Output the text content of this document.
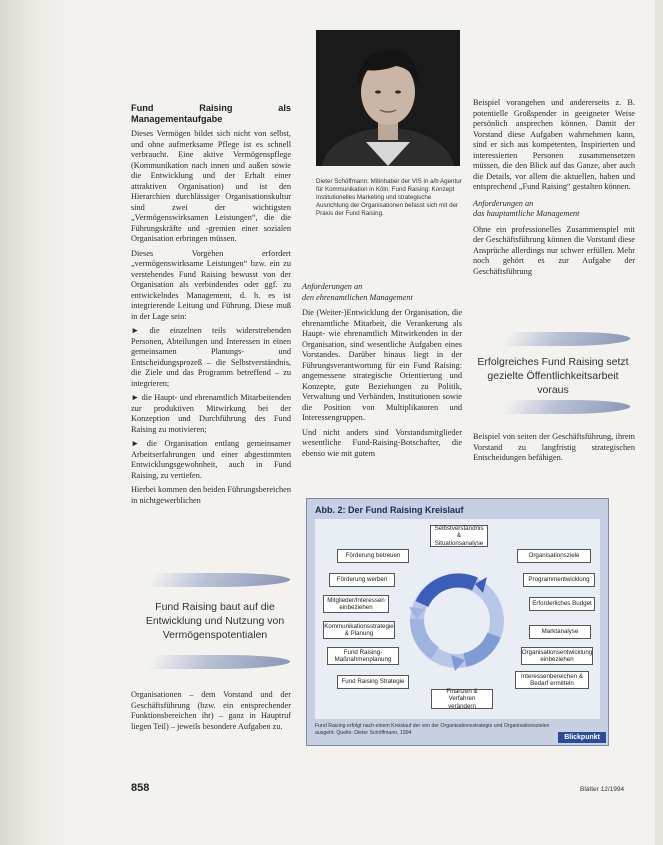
Fund Raising als Managementaufgabe

Dieses Vermögen bildet sich nicht von selbst, und ohne aufmerksame Pflege ist es schnell verbraucht. Eine aktive Vermögenspflege (Kommunikation nach innen und außen sowie die Entwicklung und der Erhalt einer attraktiven Organisation) und ist den Hierarchien durchlässiger Organisationskultur sind zwei der wichtigsten „Vermögenswirksamen Leistungen“, die die Führungskräfte und -gremien einer sozialen Organisation erbringen müssen.

Dieses Vorgehen erfordert „vermögenswirksame Leistungen“ bzw. ein zu verstehendes Fund Raising bewusst von der Organisation als verbindendes oder ggf. zu entwickelndes Management, d. h. es ist integrierende Leitung und Führung. Diese muß in der Lage sein:

► die einzelnen teils widerstrebenden Personen, Abteilungen und Interessen in einen gemeinsamen Planungs- und Entscheidungsprozeß – die Selbstverständnis, die Ziele und das Programm betreffend – zu integrieren;

► die Haupt- und ehrenamtlich Mitarbeitenden zur produktiven Mitwirkung bei der Konzeption und Durchführung des Fund Raising zu motivieren;

► die Organisation entlang gemeinsamer Arbeitserfahrungen und einer abgestimmten Entwicklungsgewohnheit, auch in Fund Raising, zu vertiefen.

Hierbei kommen den beiden Führungsbereichen in nichtgewerblichen

Fund Raising baut auf die
Entwicklung und Nutzung von
Vermögenspotentialen

Organisationen – dem Vorstand und der Geschäftsführung (bzw. ein entsprechender Funktionsbereichen ihr) – ganz in Hauptruf liegen Teil) – jeweils besondere Aufgaben zu.

Dieter Schöffmann: Mitinhaber der VIS in a/b Agentur für Kommunikation in Köln. Fund Raising: Konzept Institutionelles Marketing und strategische Ausrichtung der Organisationen befasst sich mit der Praxis der Fund Raising.
Anforderungen an
den ehrenamtlichen Management

Die (Weiter-)Entwicklung der Organisation, die ehrenamtliche Mitarbeit, die Verankerung als Haupt- wie ehrenamtlich Mitwirkenden in der Organisation, sind wesentliche Aufgaben eines Vorstandes. Darüber hinaus liegt in der Führungsverantwortung für ein Fund Raising: angemessene strategische Orientierung und Konzepte, gute Beziehungen zu Politik, Verwaltung und Verbänden, Institutionen sowie die Position von Multiplikatoren und Interessengruppen.

Und nicht anders sind Vorstandsmitglieder wesentliche Fund-Raising-Botschafter, die ebenso wie mit gutem

Beispiel vorangehen und andererseits z. B. potentielle Großspender in geeigneter Weise persönlich ansprechen können. Damit der Vorstand diese Aufgaben wahrnehmen kann, sind er sich aus kompetenten, Inspirierten und interessierten Personen zusammensetzen müssen, die den Blick auf das Ganze, aber auch die Details, vor allem die aktuellen, haben und entsprechend „Fund Raising“ gestalten können.

Anforderungen an
das hauptamtliche Management

Ohne ein professionelles Zusammenspiel mit der Geschäftsführung können die Vorstand diese Ansprüche allerdings nur schwer erfüllen. Mehr noch gehört es zur Aufgabe der Geschäftsführung

Erfolgreiches Fund Raising setzt
gezielte Öffentlichkeitsarbeit
voraus

Beispiel von seiten der Geschäftsführung, ihrem Vorstand zu langfristig strategischen Entscheidungen befähigen.

Abb. 2: Der Fund Raising Kreislauf
Selbstverständnis & Situationsanalyse
Organisationsziele
Programmentwicklung
Erforderliches Budget
Marktanalyse
Organisationsentwicklung einbeziehen
Interessenbereichen & Bedarf ermitteln
Finanzen & Verfahren verändern
Förderung betreuen
Förderung werben
Mitglieder/Interessen einbeziehen
Kommunikationsstrategie & Planung
Fund Raising-Maßnahmenplanung
Fund Raising Strategie
Fund Raising erfolgt nach einem Kreislauf der von der Organisationsstrategie und Organisationszielen ausgeht. Quelle: Dieter Schöffmann, 1994
Blickpunkt
858	Blätter 12/1994
